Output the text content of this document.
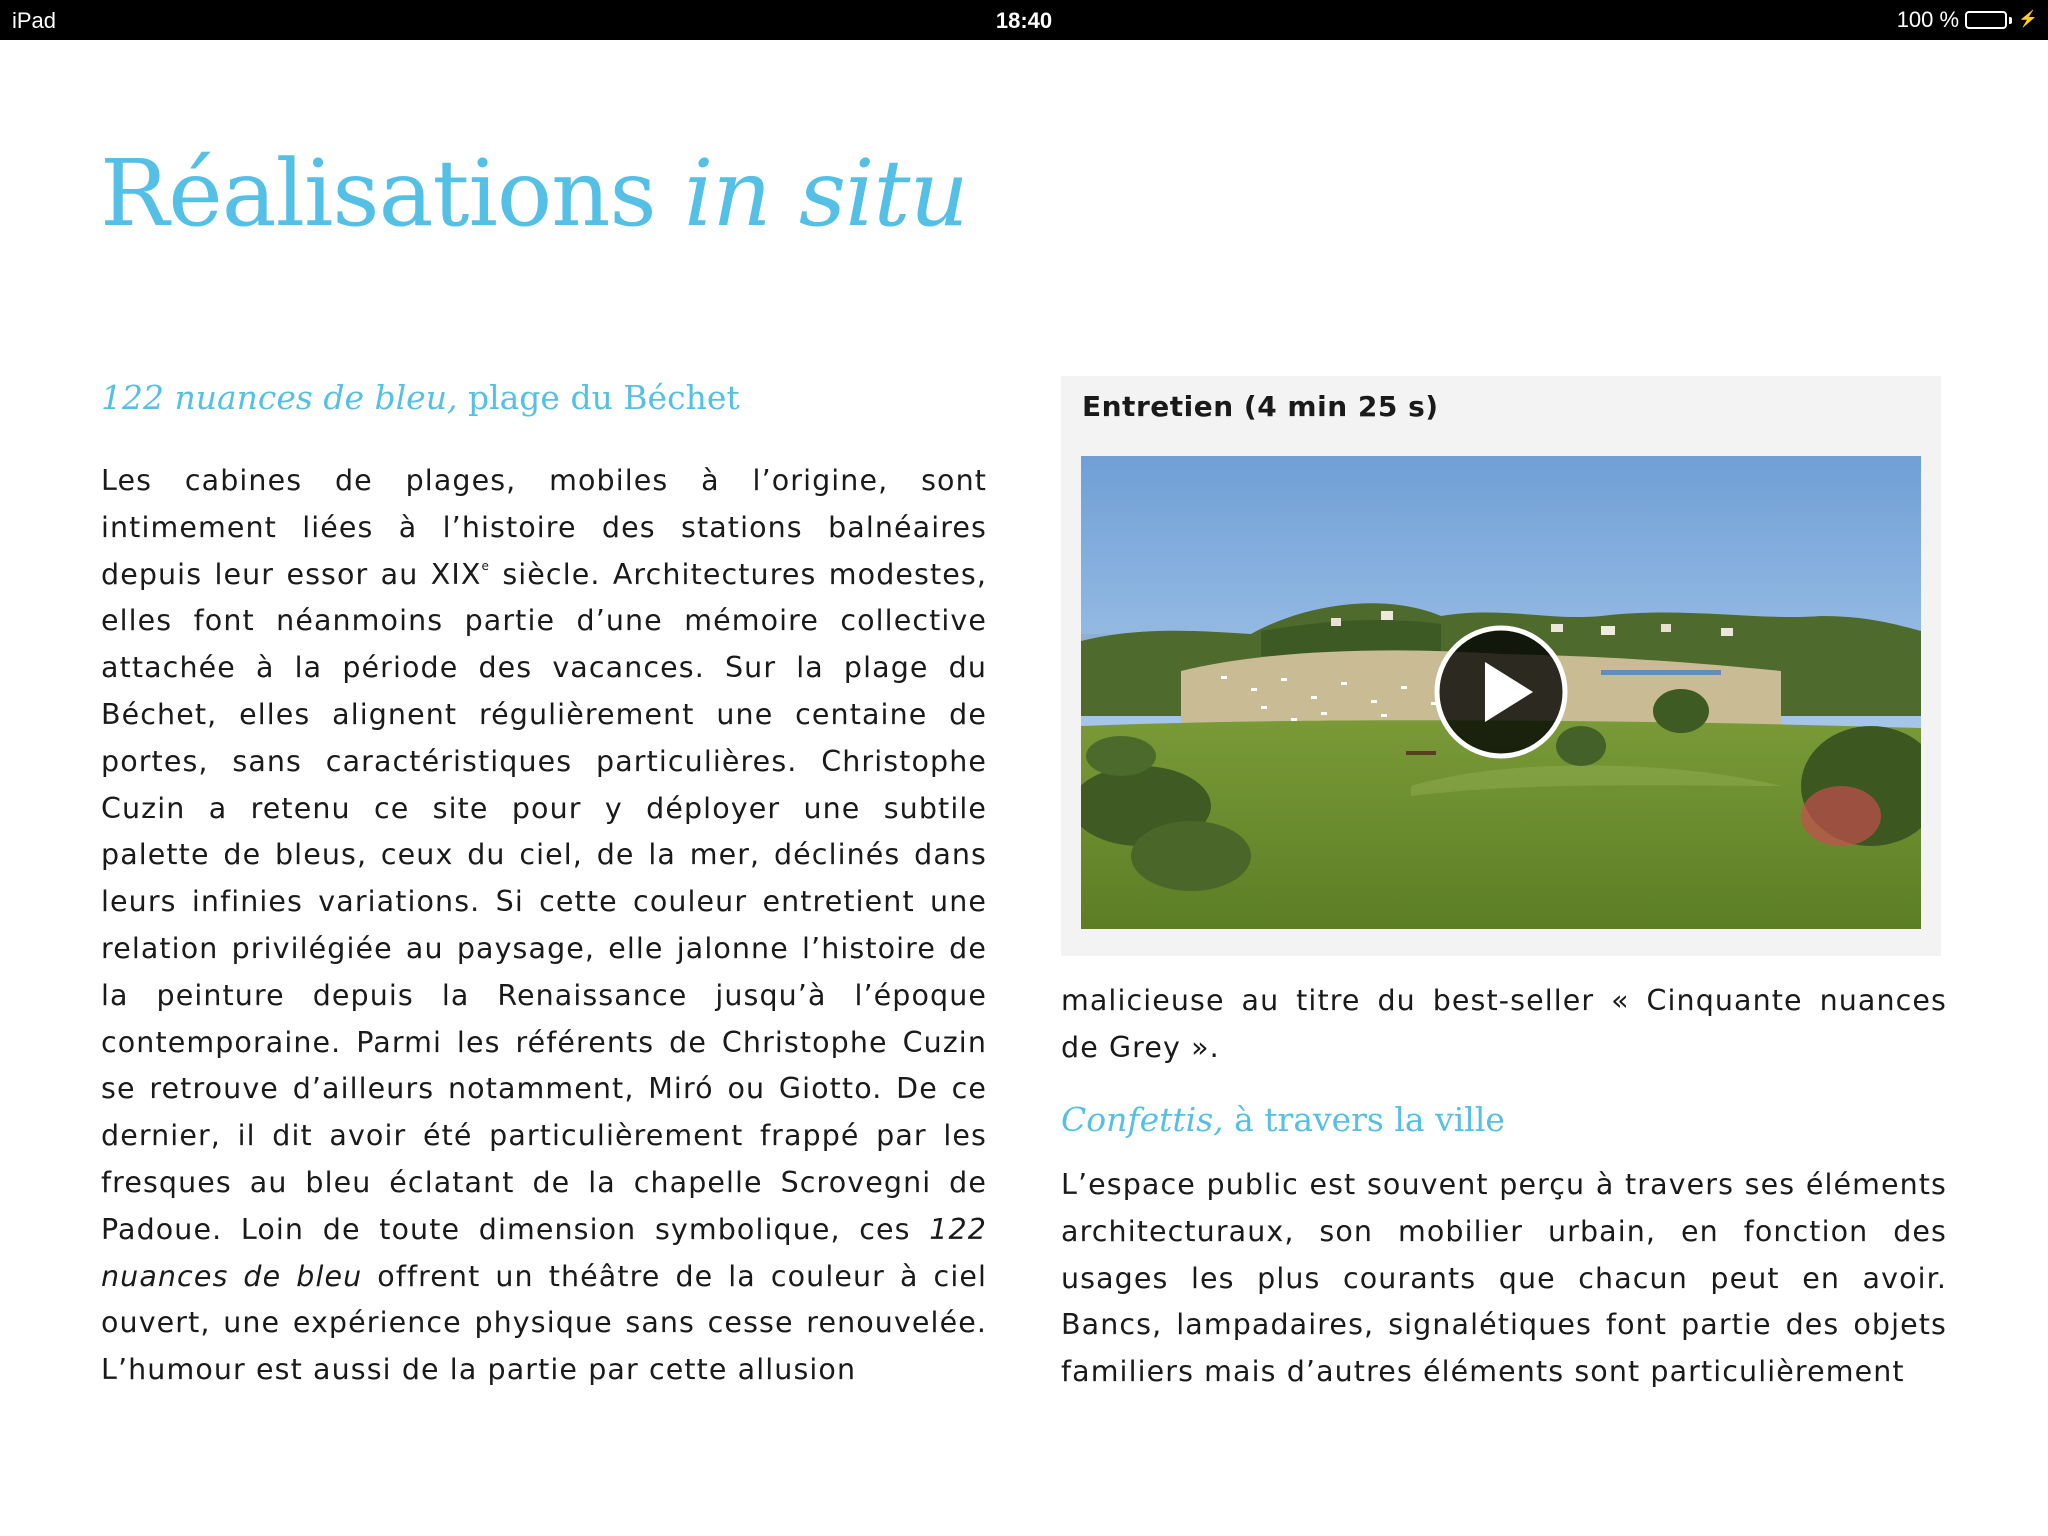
iPad	18:40	100 %	⚡
Réalisations in situ
122 nuances de bleu, plage du Béchet

Les cabines de plages, mobiles à l’origine, sont intimement liées à l’histoire des stations balnéaires depuis leur essor au XIXe siècle. Architectures modestes, elles font néanmoins partie d’une mémoire collective attachée à la période des vacances. Sur la plage du Béchet, elles alignent régulièrement une centaine de portes, sans caractéristiques particulières. Christophe Cuzin a retenu ce site pour y déployer une subtile palette de bleus, ceux du ciel, de la mer, déclinés dans leurs infinies variations. Si cette couleur entretient une relation privilégiée au paysage, elle jalonne l’histoire de la peinture depuis la Renaissance jusqu’à l’époque contemporaine. Parmi les référents de Christophe Cuzin se retrouve d’ailleurs notamment, Miró ou Giotto. De ce dernier, il dit avoir été particulièrement frappé par les fresques au bleu éclatant de la chapelle Scrovegni de Padoue. Loin de toute dimension symbolique, ces 122 nuances de bleu offrent un théâtre de la couleur à ciel ouvert, une expérience physique sans cesse renouvelée. L’humour est aussi de la partie par cette allusion

Entretien (4 min 25 s)

malicieuse au titre du best-seller « Cinquante nuances de Grey ».

Confettis, à travers la ville

L’espace public est souvent perçu à travers ses éléments architecturaux, son mobilier urbain, en fonction des usages les plus courants que chacun peut en avoir. Bancs, lampadaires, signalétiques font partie des objets familiers mais d’autres éléments sont particulièrement
